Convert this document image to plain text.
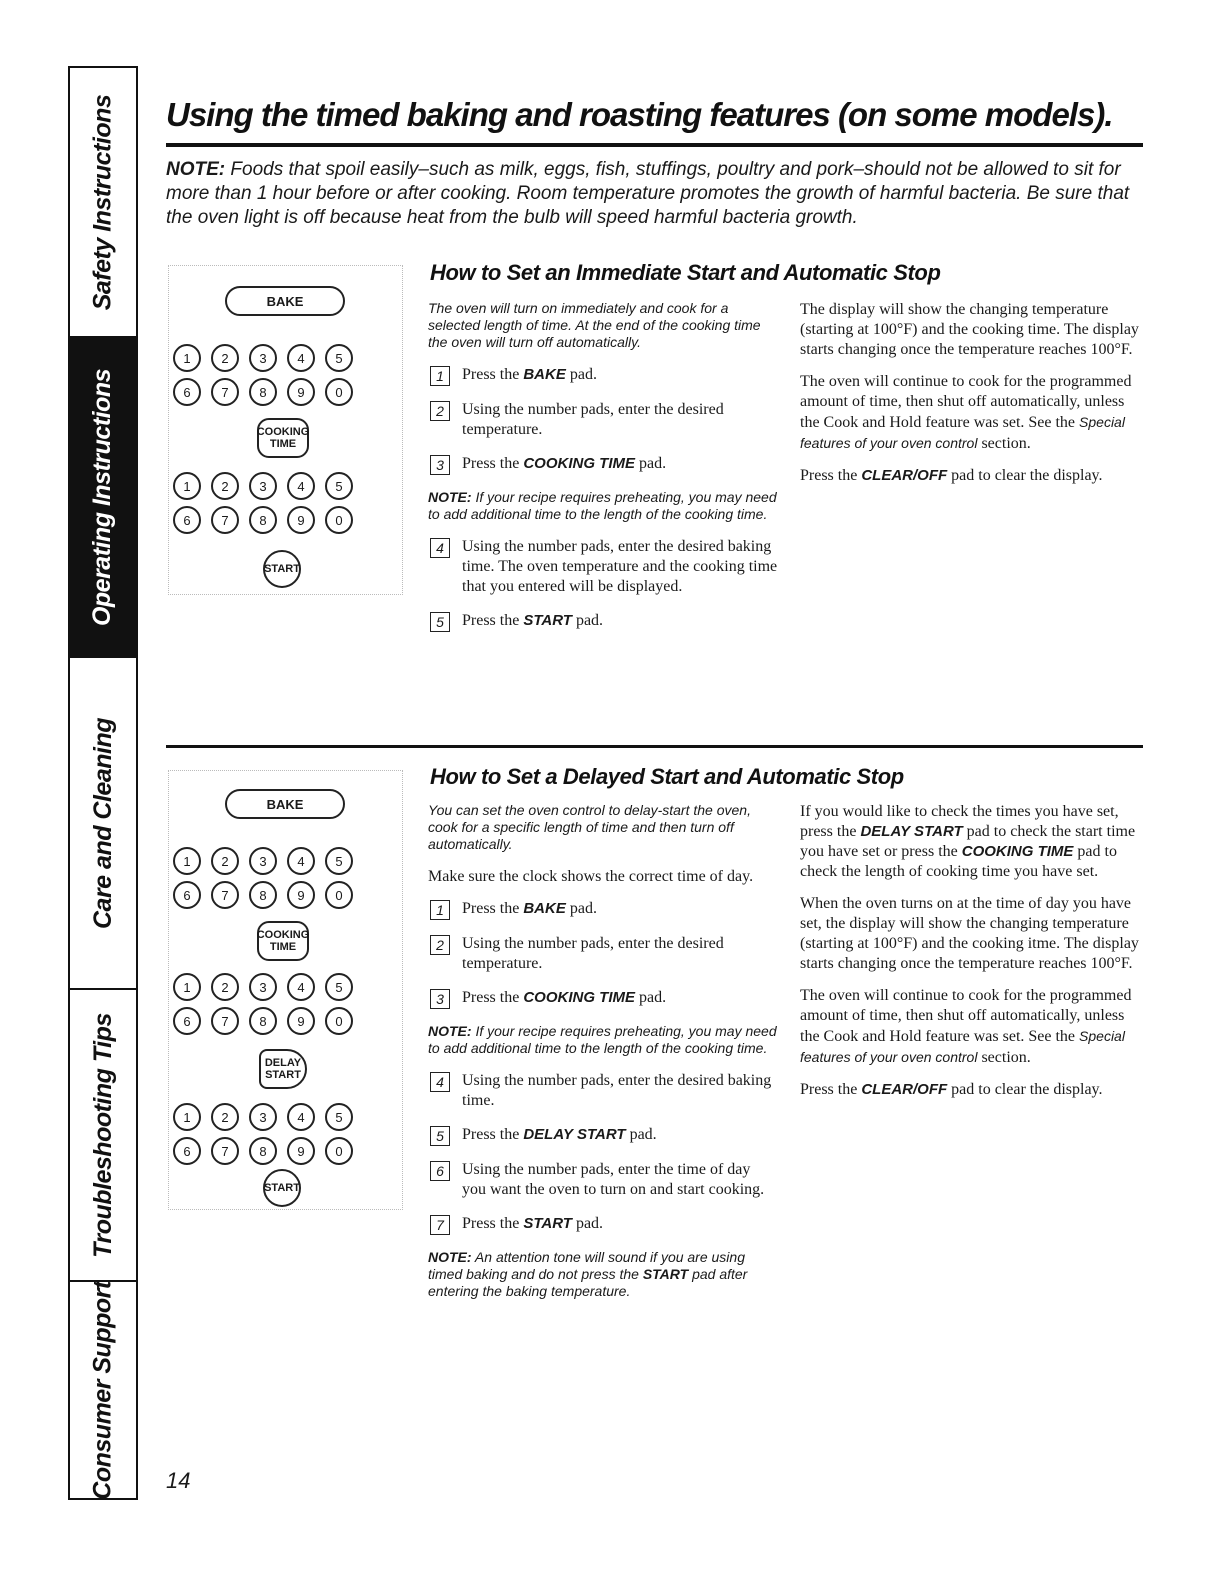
Safety Instructions
Operating Instructions
Care and Cleaning
Troubleshooting Tips
Consumer Support
Using the timed baking and roasting features (on some models).

NOTE: Foods that spoil easily–such as milk, eggs, fish, stuffings, poultry and pork–should not be allowed to sit for more than 1 hour before or after cooking. Room temperature promotes the growth of harmful bacteria. Be sure that the oven light is off because heat from the bulb will speed harmful bacteria growth.

BAKE
1	2	3	4	5
6	7	8	9	0
COOKING
TIME
1	2	3	4	5
6	7	8	9	0
START
How to Set an Immediate Start and Automatic Stop

The oven will turn on immediately and cook for a selected length of time. At the end of the cooking time the oven will turn off automatically.

1	Press the BAKE pad.
2	Using the number pads, enter the desired temperature.
3	Press the COOKING TIME pad.

NOTE: If your recipe requires preheating, you may need to add additional time to the length of the cooking time.

4	Using the number pads, enter the desired baking time. The oven temperature and the cooking time that you entered will be displayed.
5	Press the START pad.

The display will show the changing temperature (starting at 100°F) and the cooking time. The display starts changing once the temperature reaches 100°F.

The oven will continue to cook for the programmed amount of time, then shut off automatically, unless the Cook and Hold feature was set. See the Special features of your oven control section.

Press the CLEAR/OFF pad to clear the display.

BAKE
1	2	3	4	5
6	7	8	9	0
COOKING
TIME
1	2	3	4	5
6	7	8	9	0
DELAY
START
1	2	3	4	5
6	7	8	9	0
START
How to Set a Delayed Start and Automatic Stop

You can set the oven control to delay-start the oven, cook for a specific length of time and then turn off automatically.

Make sure the clock shows the correct time of day.

1	Press the BAKE pad.
2	Using the number pads, enter the desired temperature.
3	Press the COOKING TIME pad.

NOTE: If your recipe requires preheating, you may need to add additional time to the length of the cooking time.

4	Using the number pads, enter the desired baking time.
5	Press the DELAY START pad.
6	Using the number pads, enter the time of day you want the oven to turn on and start cooking.
7	Press the START pad.

NOTE: An attention tone will sound if you are using timed baking and do not press the START pad after entering the baking temperature.

If you would like to check the times you have set, press the DELAY START pad to check the start time you have set or press the COOKING TIME pad to check the length of cooking time you have set.

When the oven turns on at the time of day you have set, the display will show the changing temperature (starting at 100°F) and the cooking itme. The display starts changing once the temperature reaches 100°F.

The oven will continue to cook for the programmed amount of time, then shut off automatically, unless the Cook and Hold feature was set. See the Special features of your oven control section.

Press the CLEAR/OFF pad to clear the display.

14
